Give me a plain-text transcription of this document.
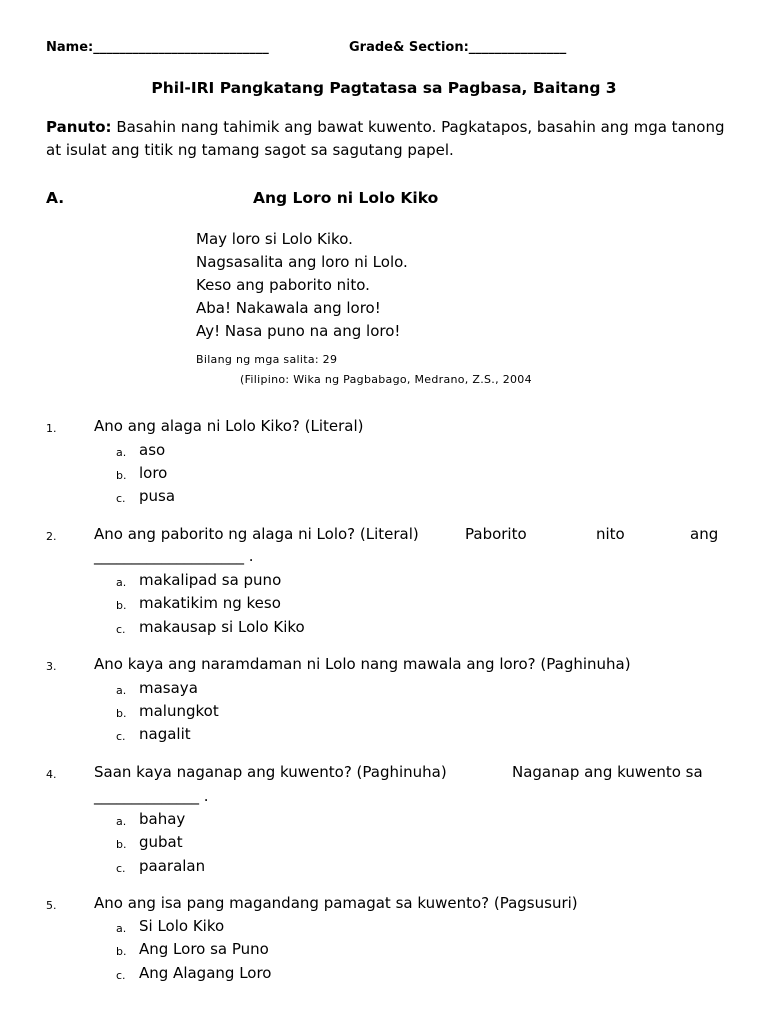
Name:___________________________	Grade& Section:_______________
Phil-IRI Pangkatang Pagtatasa sa Pagbasa, Baitang 3
Panuto: Basahin nang tahimik ang bawat kuwento. Pagkatapos, basahin ang mga tanong at isulat ang titik ng tamang sagot sa sagutang papel.
A.	Ang Loro ni Lolo Kiko
May loro si Lolo Kiko.
Nagsasalita ang loro ni Lolo.
Keso ang paborito nito.
Aba! Nakawala ang loro!
Ay! Nasa puno na ang loro!
Bilang ng mga salita: 29
(Filipino: Wika ng Pagbabago, Medrano, Z.S., 2004
1.	Ano ang alaga ni Lolo Kiko? (Literal)
a. aso
b. loro
c. pusa
2.	Ano ang paborito ng alaga ni Lolo? (Literal)	Paborito	nito	ang
____________________ .
a. makalipad sa puno
b. makatikim ng keso
c. makausap si Lolo Kiko
3.	Ano kaya ang naramdaman ni Lolo nang mawala ang loro? (Paghinuha)
a. masaya
b. malungkot
c. nagalit
4.	Saan kaya naganap ang kuwento? (Paghinuha)	Naganap ang kuwento sa
______________ .
a. bahay
b. gubat
c. paaralan
5.	Ano ang isa pang magandang pamagat sa kuwento? (Pagsusuri)
a. Si Lolo Kiko
b. Ang Loro sa Puno
c. Ang Alagang Loro
